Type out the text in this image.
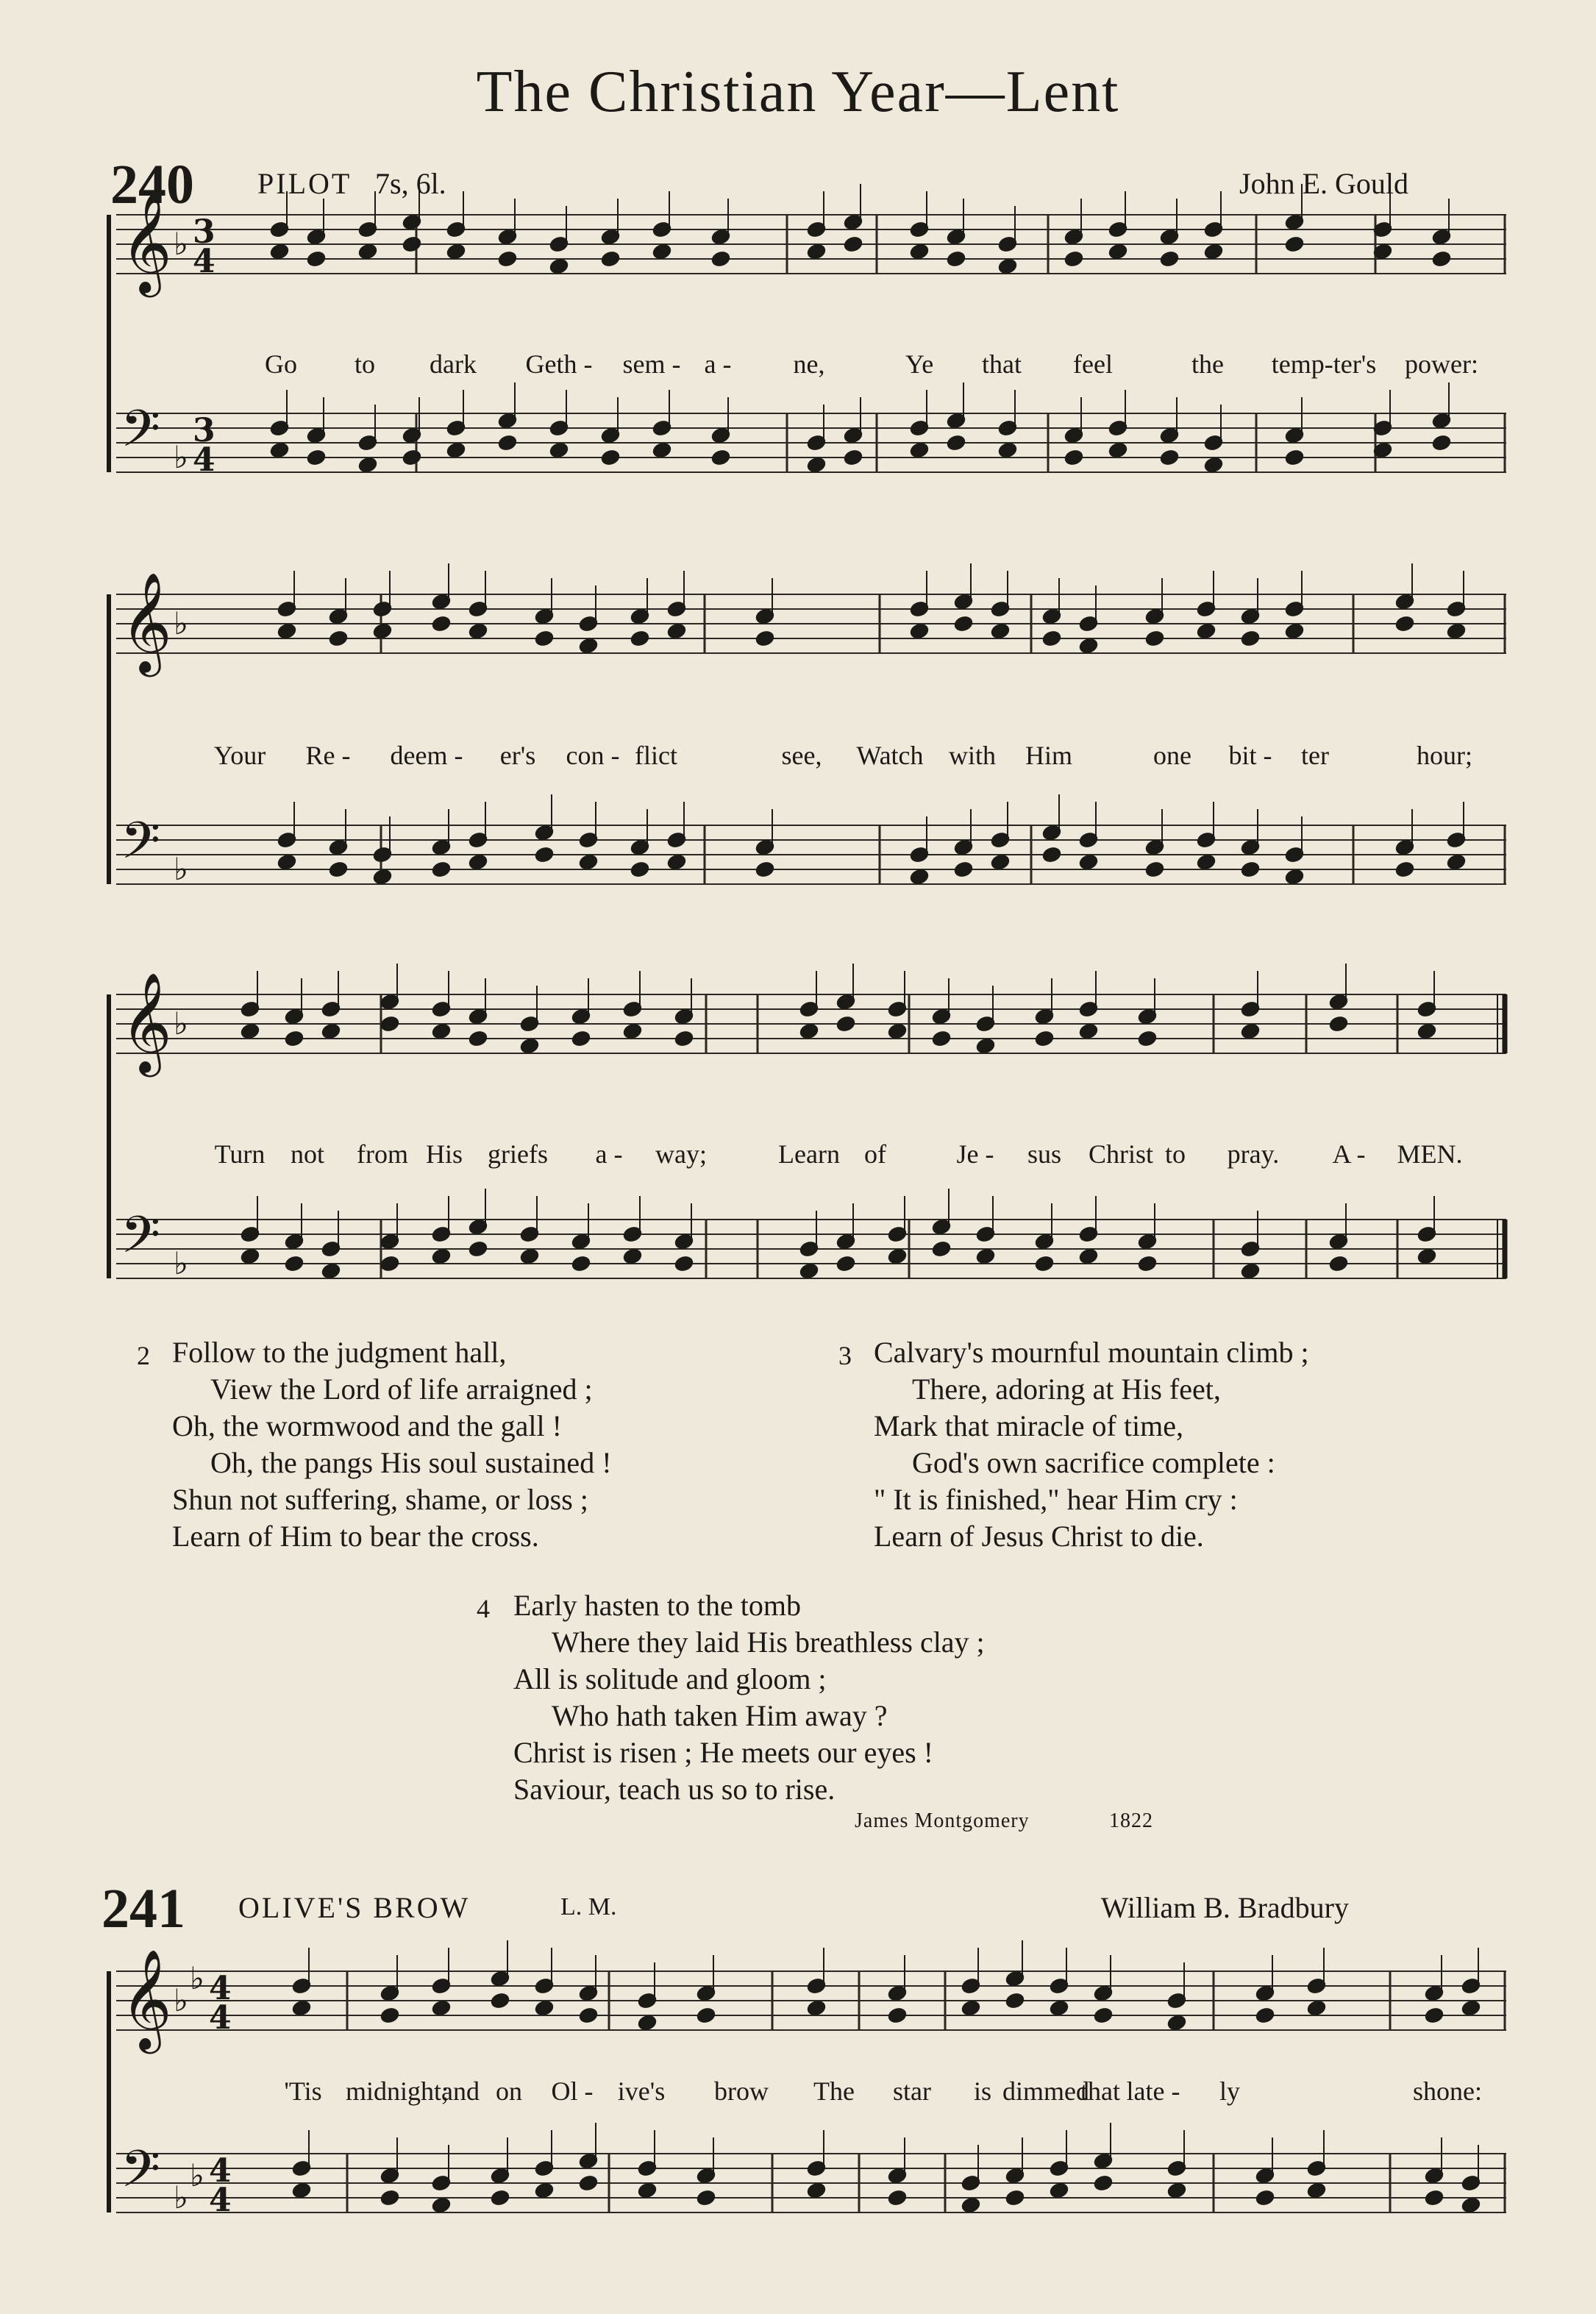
The Christian Year—Lent
240 PILOT 7s, 6l.	John E. Gould
𝄞 ♭ 3
4
𝄢 ♭
3
4
𝄞 ♭
𝄢 ♭
𝄞 ♭
𝄢 ♭
𝄞 ♭
♭ 4
4
𝄢 ♭
♭ 4
4
Go to dark Geth - sem - a - ne,	Ye that feel	the temp-ter's power:
Your Re - deem - er's con - flict	see, Watch with Him	one bit - ter	hour;
Turn not from His griefs a - way;	Learn of	Je - sus Christ to pray. A - MEN.
2 Follow to the judgment hall,
View the Lord of life arraigned ;
Oh, the wormwood and the gall !
Oh, the pangs His soul sustained !
Shun not suffering, shame, or loss ;
Learn of Him to bear the cross.
3 Calvary's mournful mountain climb ;
There, adoring at His feet,
Mark that miracle of time,
God's own sacrifice complete :
" It is finished," hear Him cry :
Learn of Jesus Christ to die.
4 Early hasten to the tomb
Where they laid His breathless clay ;
All is solitude and gloom ;
Who hath taken Him away ?
Christ is risen ; He meets our eyes !
Saviour, teach us so to rise.
James Montgomery	1822
241 OLIVE'S BROW	L. M.	William B. Bradbury
'Tis midnight;
and on Ol - ive's brow The star is dimmed
that late - ly	shone:
